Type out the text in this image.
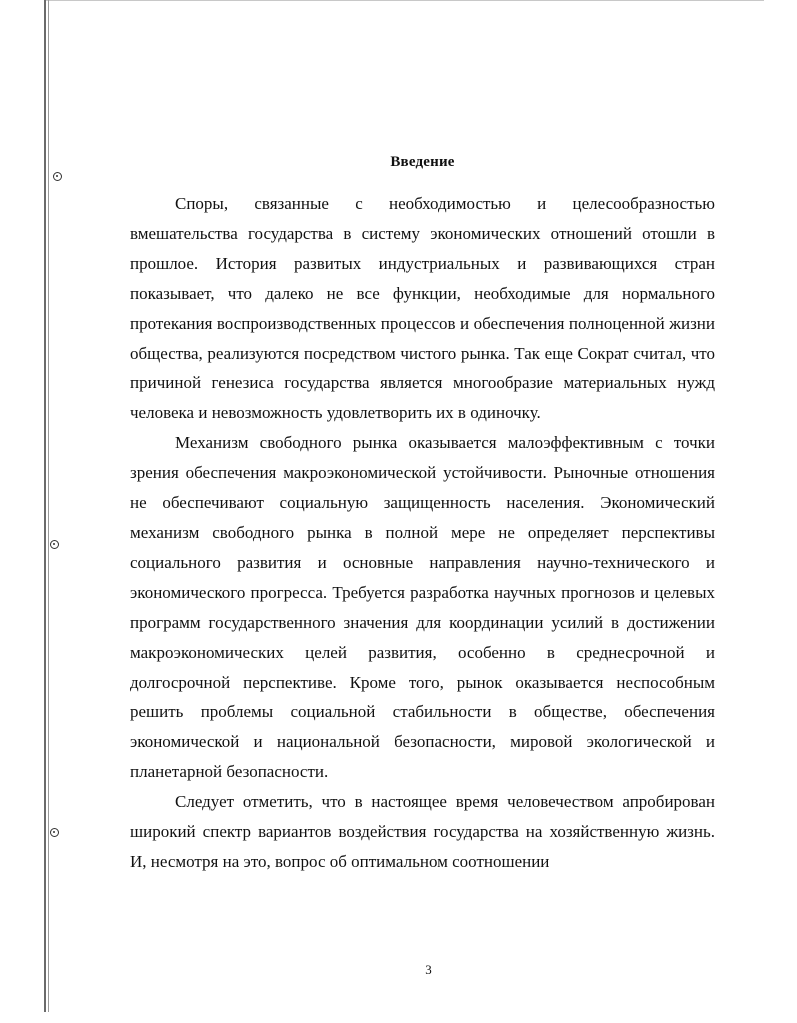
Введение

Споры, связанные с необходимостью и целесообразностью вмешательства государства в систему экономических отношений отошли в прошлое. История развитых индустриальных и развивающихся стран показывает, что далеко не все функции, необходимые для нормального протекания воспроизводственных процессов и обеспечения полноценной жизни общества, реализуются посредством чистого рынка. Так еще Сократ считал, что причиной генезиса государства является многообразие материальных нужд человека и невозможность удовлетворить их в одиночку.

Механизм свободного рынка оказывается малоэффективным с точки зрения обеспечения макроэкономической устойчивости. Рыночные отношения не обеспечивают социальную защищенность населения. Экономический механизм свободного рынка в полной мере не определяет перспективы социального развития и основные направления научно-технического и экономического прогресса. Требуется разработка научных прогнозов и целевых программ государственного значения для координации усилий в достижении макроэкономических целей развития, особенно в среднесрочной и долгосрочной перспективе. Кроме того, рынок оказывается неспособным решить проблемы социальной стабильности в обществе, обеспечения экономической и национальной безопасности, мировой экологической и планетарной безопасности.

Следует отметить, что в настоящее время человечеством апробирован широкий спектр вариантов воздействия государства на хозяйственную жизнь. И, несмотря на это, вопрос об оптимальном соотношении

3
